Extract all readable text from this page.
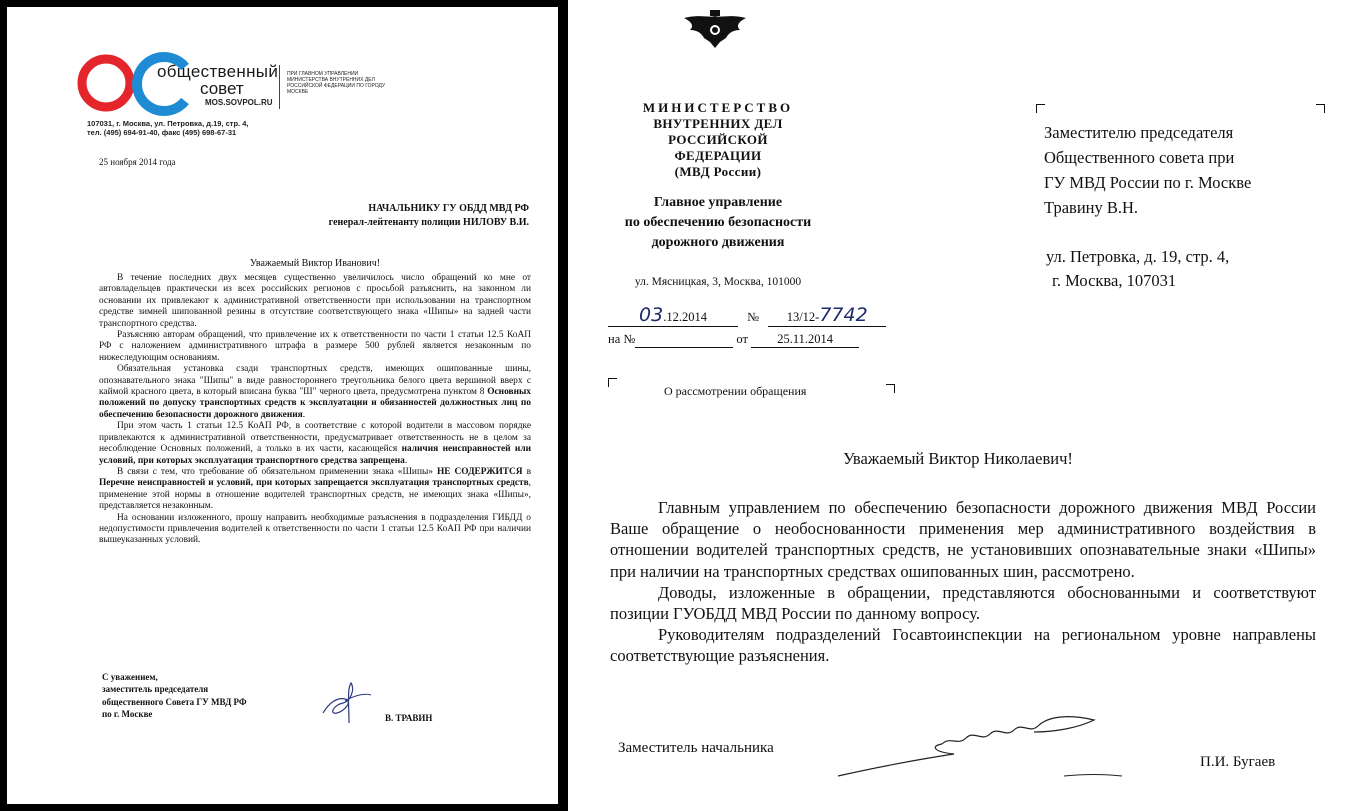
общественный
совет
MOS.SOVPOL.RU
ПРИ ГЛАВНОМ УПРАВЛЕНИИ МИНИСТЕРСТВА ВНУТРЕННИХ ДЕЛ РОССИЙСКОЙ ФЕДЕРАЦИИ ПО ГОРОДУ МОСКВЕ
107031, г. Москва, ул. Петровка, д.19, стр. 4,
тел. (495) 694-91-40, факс (495) 698-67-31
25 ноября 2014 года
НАЧАЛЬНИКУ ГУ ОБДД МВД РФ
генерал-лейтенанту полиции НИЛОВУ В.И.
Уважаемый Виктор Иванович!

В течение последних двух месяцев существенно увеличилось число обращений ко мне от автовладельцев практически из всех российских регионов с просьбой разъяснить, на законном ли основании их привлекают к административной ответственности при использовании на транспортном средстве зимней шипованной резины в отсутствие соответствующего знака «Шипы» на задней части транспортного средства.

Разъясняю авторам обращений, что привлечение их к ответственности по части 1 статьи 12.5 КоАП РФ с наложением административного штрафа в размере 500 рублей является незаконным по нижеследующим основаниям.

Обязательная установка сзади транспортных средств, имеющих ошипованные шины, опознавательного знака "Шипы" в виде равностороннего треугольника белого цвета вершиной вверх с каймой красного цвета, в который вписана буква "Ш" черного цвета, предусмотрена пунктом 8 Основных положений по допуску транспортных средств к эксплуатации и обязанностей должностных лиц по обеспечению безопасности дорожного движения.

При этом часть 1 статьи 12.5 КоАП РФ, в соответствие с которой водители в массовом порядке привлекаются к административной ответственности, предусматривает ответственность не в целом за несоблюдение Основных положений, а только в их части, касающейся наличия неисправностей или условий, при которых эксплуатация транспортного средства запрещена.

В связи с тем, что требование об обязательном применении знака «Шипы» НЕ СОДЕРЖИТСЯ в Перечне неисправностей и условий, при которых запрещается эксплуатация транспортных средств, применение этой нормы в отношение водителей транспортных средств, не имеющих знака «Шипы», представляется незаконным.

На основании изложенного, прошу направить необходимые разъяснения в подразделения ГИБДД о недопустимости привлечения водителей к ответственности по части 1 статьи 12.5 КоАП РФ при наличии вышеуказанных условий.

С уважением,
заместитель председателя
общественного Совета ГУ МВД РФ
по г. Москве	В. ТРАВИН
МИНИСТЕРСТВО
ВНУТРЕННИХ ДЕЛ
РОССИЙСКОЙ ФЕДЕРАЦИИ
(МВД России)
Главное управление
по обеспечению безопасности
дорожного движения
ул. Мясницкая, 3, Москва, 101000
03.12.2014	№ 13/12-7742
на №	от 25.11.2014
О рассмотрении обращения
Заместителю председателя
Общественного совета при
ГУ МВД России по г. Москве
Травину В.Н.
ул. Петровка, д. 19, стр. 4,
г. Москва, 107031
Уважаемый Виктор Николаевич!

Главным управлением по обеспечению безопасности дорожного движения МВД России Ваше обращение о необоснованности применения мер административного воздействия в отношении водителей транспортных средств, не установивших опознавательные знаки «Шипы» при наличии на транспортных средствах ошипованных шин, рассмотрено.

Доводы, изложенные в обращении, представляются обоснованными и соответствуют позиции ГУОБДД МВД России по данному вопросу.

Руководителям подразделений Госавтоинспекции на региональном уровне направлены соответствующие разъяснения.

Заместитель начальника
П.И. Бугаев
